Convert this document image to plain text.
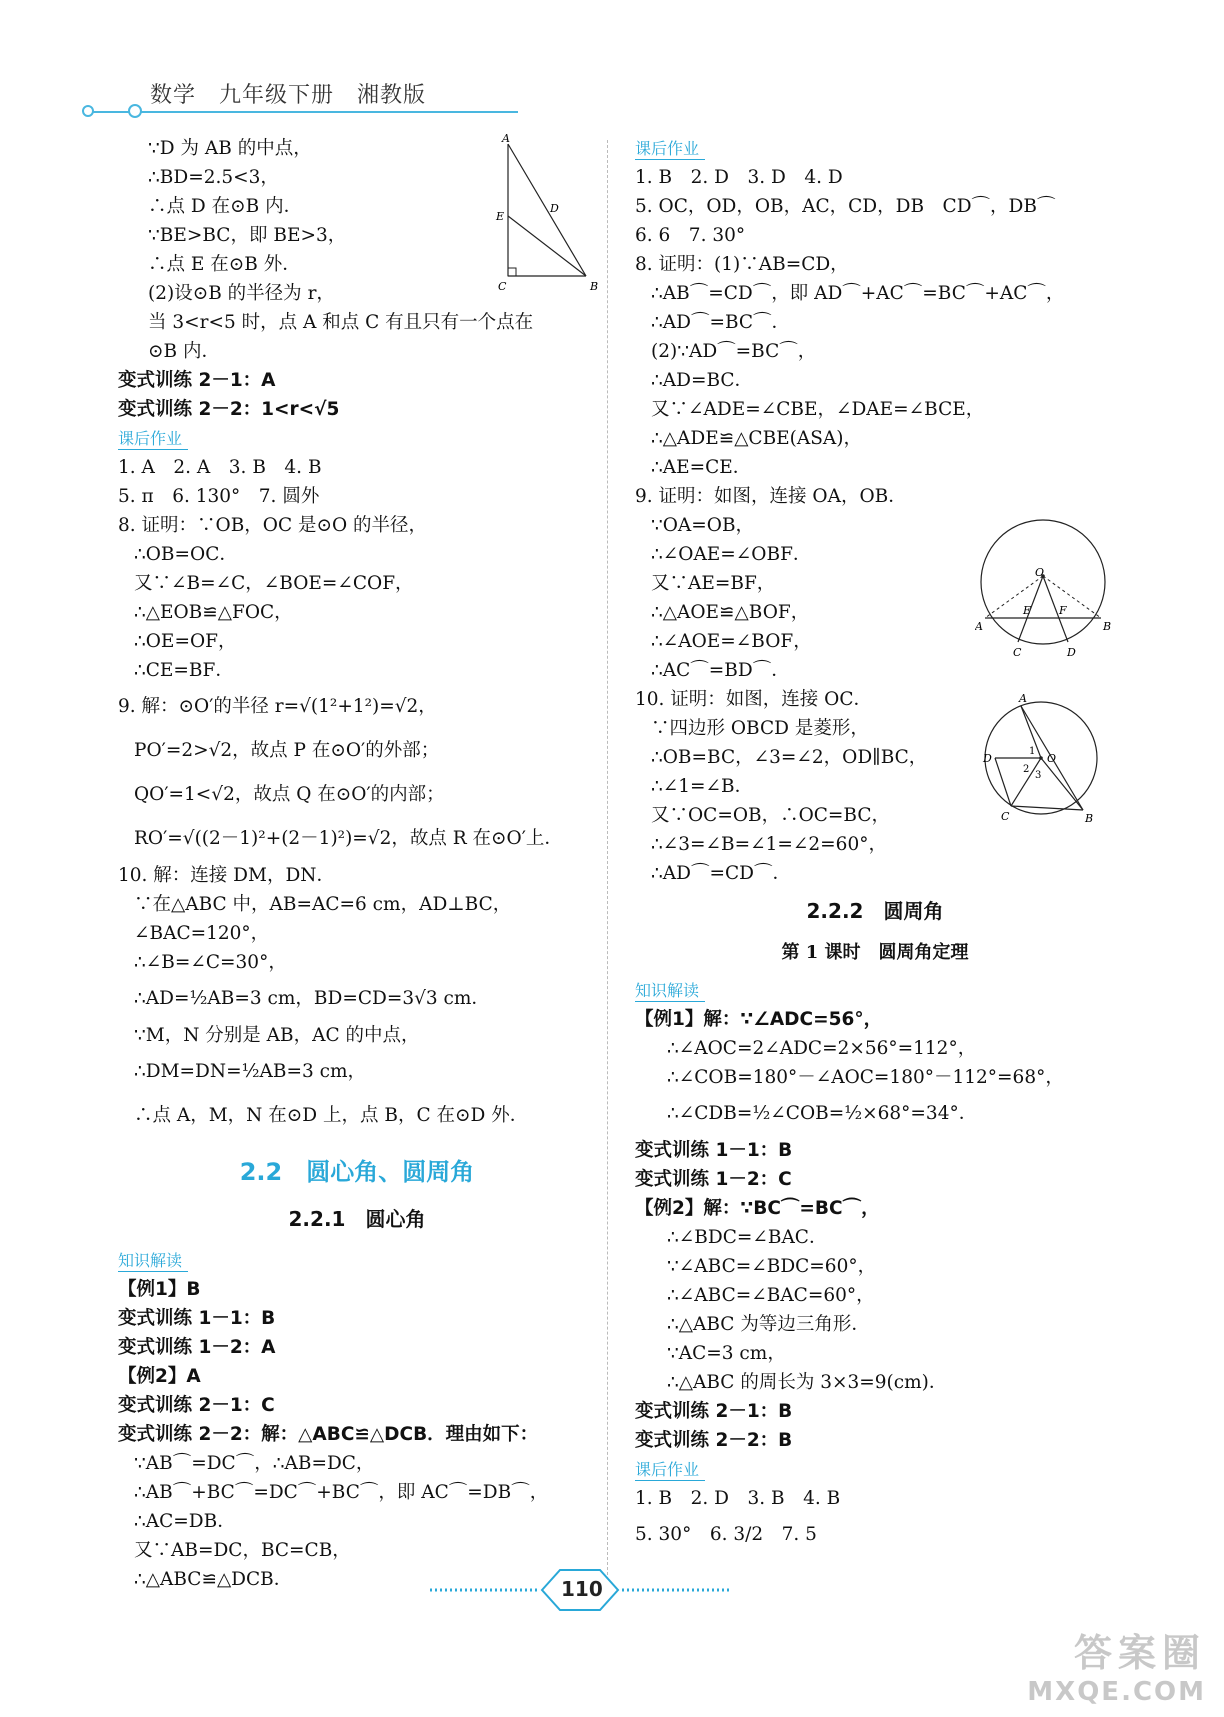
数学　九年级下册　湘教版
∵D 为 AB 的中点，
∴BD=2.5<3，
∴点 D 在⊙B 内．
∵BE>BC，即 BE>3，
∴点 E 在⊙B 外．
(2)设⊙B 的半径为 r，
当 3<r<5 时，点 A 和点 C 有且只有一个点在
⊙B 内．
变式训练 2－1：A
变式训练 2－2：1<r<√5
课后作业
1. A　2. A　3. B　4. B
5. π　6. 130°　7. 圆外
8. 证明：∵OB，OC 是⊙O 的半径，
∴OB=OC．
又∵∠B=∠C，∠BOE=∠COF，
∴△EOB≌△FOC，
∴OE=OF，
∴CE=BF．
9. 解：⊙O′的半径 r=√(1²+1²)=√2，
PO′=2>√2，故点 P 在⊙O′的外部；
QO′=1<√2，故点 Q 在⊙O′的内部；
RO′=√((2－1)²+(2－1)²)=√2，故点 R 在⊙O′上．
10. 解：连接 DM，DN．
∵在△ABC 中，AB=AC=6 cm，AD⊥BC，
∠BAC=120°，
∴∠B=∠C=30°，
∴AD=½AB=3 cm，BD=CD=3√3 cm．
∵M，N 分别是 AB，AC 的中点，
∴DM=DN=½AB=3 cm，
∴点 A，M，N 在⊙D 上，点 B，C 在⊙D 外．
2.2　圆心角、圆周角
2.2.1　圆心角
知识解读
【例1】B
变式训练 1－1：B
变式训练 1－2：A
【例2】A
变式训练 2－1：C
变式训练 2－2：解：△ABC≌△DCB．理由如下：
∵AB⌒=DC⌒，∴AB=DC，
∴AB⌒+BC⌒=DC⌒+BC⌒，即 AC⌒=DB⌒，
∴AC=DB．
又∵AB=DC，BC=CB，
∴△ABC≌△DCB．
课后作业
1. B　2. D　3. D　4. D
5. OC，OD，OB，AC，CD，DB　CD⌒，DB⌒
6. 6　7. 30°
8. 证明：(1)∵AB=CD，
∴AB⌒=CD⌒，即 AD⌒+AC⌒=BC⌒+AC⌒，
∴AD⌒=BC⌒．
(2)∵AD⌒=BC⌒，
∴AD=BC．
又∵∠ADE=∠CBE，∠DAE=∠BCE，
∴△ADE≌△CBE(ASA)，
∴AE=CE．
9. 证明：如图，连接 OA，OB．
∵OA=OB，
∴∠OAE=∠OBF．
又∵AE=BF，
∴△AOE≌△BOF，
∴∠AOE=∠BOF，
∴AC⌒=BD⌒．
10. 证明：如图，连接 OC．
∵四边形 OBCD 是菱形，
∴OB=BC，∠3=∠2，OD∥BC，
∴∠1=∠B．
又∵OC=OB，∴OC=BC，
∴∠3=∠B=∠1=∠2=60°，
∴AD⌒=CD⌒．
2.2.2　圆周角
第 1 课时　圆周角定理
知识解读
【例1】解：∵∠ADC=56°，
∴∠AOC=2∠ADC=2×56°=112°，
∴∠COB=180°－∠AOC=180°－112°=68°，
∴∠CDB=½∠COB=½×68°=34°．
变式训练 1－1：B
变式训练 1－2：C
【例2】解：∵BC⌒=BC⌒，
∴∠BDC=∠BAC．
∵∠ABC=∠BDC=60°，
∴∠ABC=∠BAC=60°，
∴△ABC 为等边三角形．
∵AC=3 cm，
∴△ABC 的周长为 3×3=9(cm)．
变式训练 2－1：B
变式训练 2－2：B
课后作业
1. B　2. D　3. B　4. B
5. 30°　6. 3/2　7. 5
A
B
C
D
E
O
A	B
C	D
E	F
A
B
C
D	O
1
2
3
110
答案圈
MXQE.COM
